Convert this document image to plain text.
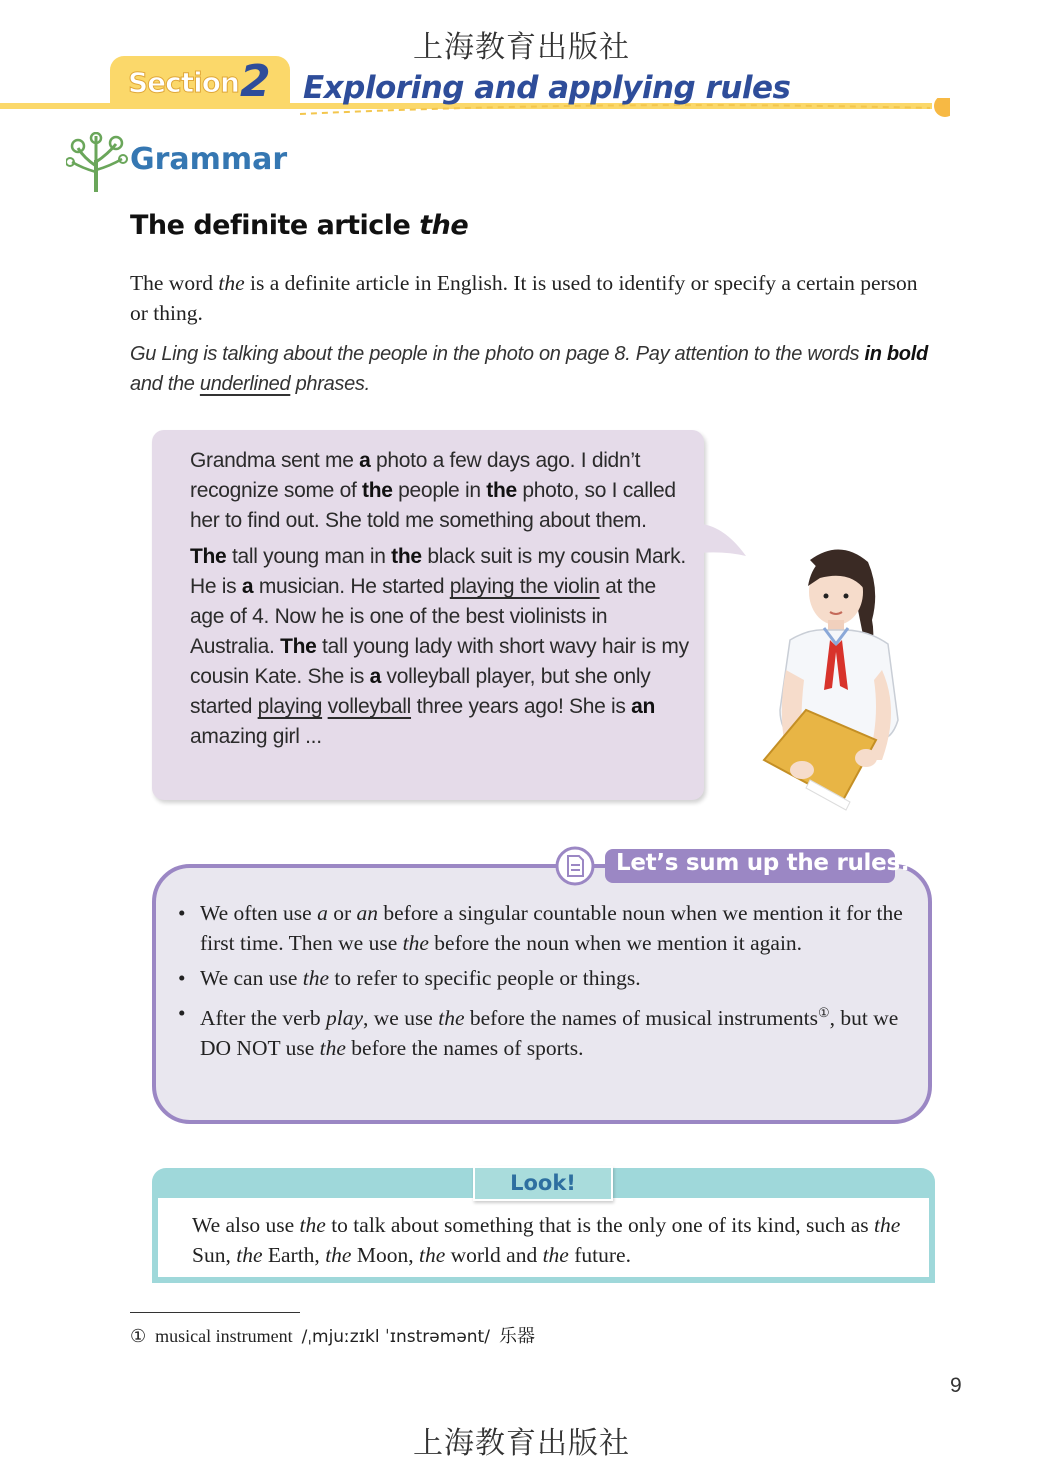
上海教育出版社
Section 2 Exploring and applying rules
Grammar
The definite article the
The word the is a definite article in English. It is used to identify or specify a certain person or thing.
Gu Ling is talking about the people in the photo on page 8. Pay attention to the words in bold and the underlined phrases.

Grandma sent me a photo a few days ago. I didn’t recognize some of the people in the photo, so I called her to find out. She told me something about them.

The tall young man in the black suit is my cousin Mark. He is a musician. He started playing the violin at the age of 4. Now he is one of the best violinists in Australia. The tall young lady with short wavy hair is my cousin Kate. She is a volleyball player, but she only started playing volleyball three years ago! She is an amazing girl ...

Let’s sum up the rules!
• We often use a or an before a singular countable noun when we mention it for the first time. Then we use the before the noun when we mention it again.
• We can use the to refer to specific people or things.
• After the verb play, we use the before the names of musical instruments①, but we DO NOT use the before the names of sports.
Look!
We also use the to talk about something that is the only one of its kind, such as the Sun, the Earth, the Moon, the world and the future.
① musical instrument /ˌmjuːzɪkl ˈɪnstrəmənt/ 乐器
9
上海教育出版社
